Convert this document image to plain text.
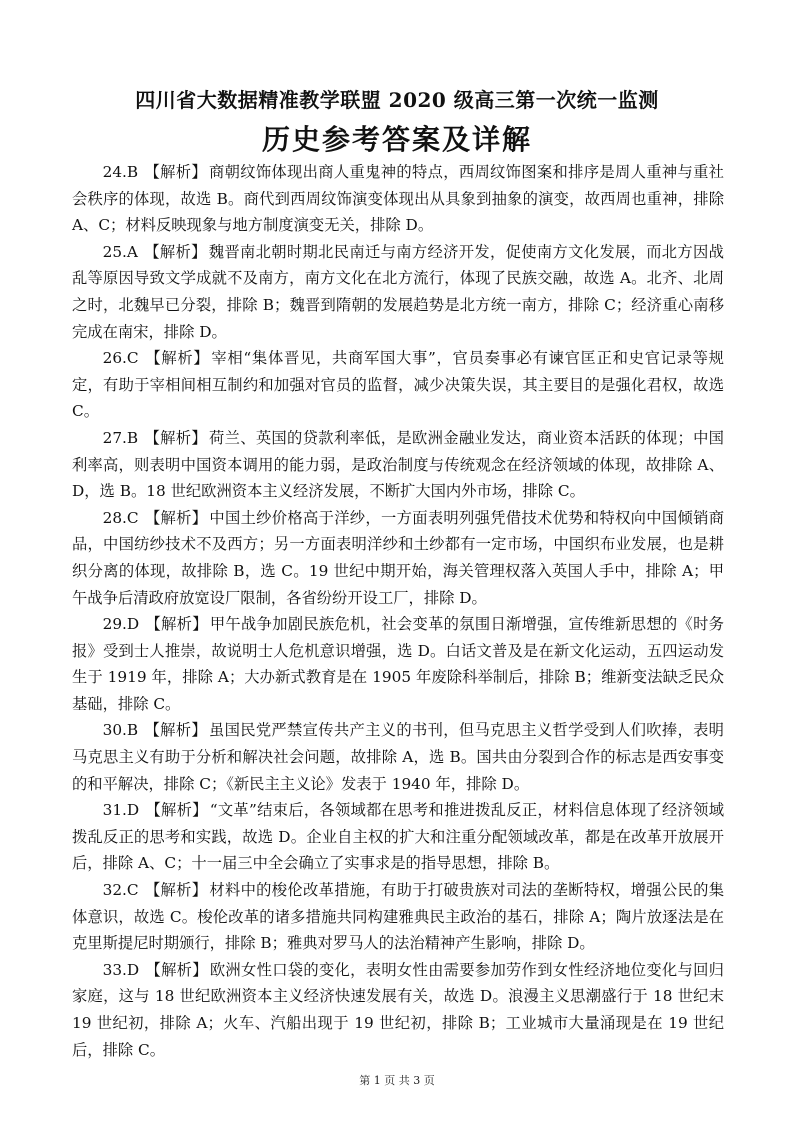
四川省大数据精准教学联盟 2020 级高三第一次统一监测
历史参考答案及详解

24.B 【解析】 商朝纹饰体现出商人重鬼神的特点，西周纹饰图案和排序是周人重神与重社会秩序的体现，故选 B。商代到西周纹饰演变体现出从具象到抽象的演变，故西周也重神，排除 A、C；材料反映现象与地方制度演变无关，排除 D。

25.A 【解析】 魏晋南北朝时期北民南迁与南方经济开发，促使南方文化发展，而北方因战乱等原因导致文学成就不及南方，南方文化在北方流行，体现了民族交融，故选 A。北齐、北周之时，北魏早已分裂，排除 B；魏晋到隋朝的发展趋势是北方统一南方，排除 C；经济重心南移完成在南宋，排除 D。

26.C 【解析】 宰相“集体晋见，共商军国大事”，官员奏事必有谏官匡正和史官记录等规定，有助于宰相间相互制约和加强对官员的监督，减少决策失误，其主要目的是强化君权，故选 C。

27.B 【解析】 荷兰、英国的贷款利率低，是欧洲金融业发达，商业资本活跃的体现；中国利率高，则表明中国资本调用的能力弱，是政治制度与传统观念在经济领域的体现，故排除 A、D，选 B。18 世纪欧洲资本主义经济发展，不断扩大国内外市场，排除 C。

28.C 【解析】 中国土纱价格高于洋纱，一方面表明列强凭借技术优势和特权向中国倾销商品，中国纺纱技术不及西方；另一方面表明洋纱和土纱都有一定市场，中国织布业发展，也是耕织分离的体现，故排除 B，选 C。19 世纪中期开始，海关管理权落入英国人手中，排除 A；甲午战争后清政府放宽设厂限制，各省纷纷开设工厂，排除 D。

29.D 【解析】 甲午战争加剧民族危机，社会变革的氛围日渐增强，宣传维新思想的《时务报》受到士人推崇，故说明士人危机意识增强，选 D。白话文普及是在新文化运动，五四运动发生于 1919 年，排除 A；大办新式教育是在 1905 年废除科举制后，排除 B；维新变法缺乏民众基础，排除 C。

30.B 【解析】 虽国民党严禁宣传共产主义的书刊，但马克思主义哲学受到人们吹捧，表明马克思主义有助于分析和解决社会问题，故排除 A，选 B。国共由分裂到合作的标志是西安事变的和平解决，排除 C；《新民主主义论》发表于 1940 年，排除 D。

31.D 【解析】 “文革”结束后，各领域都在思考和推进拨乱反正，材料信息体现了经济领域拨乱反正的思考和实践，故选 D。企业自主权的扩大和注重分配领域改革，都是在改革开放展开后，排除 A、C；十一届三中全会确立了实事求是的指导思想，排除 B。

32.C 【解析】 材料中的梭伦改革措施，有助于打破贵族对司法的垄断特权，增强公民的集体意识，故选 C。梭伦改革的诸多措施共同构建雅典民主政治的基石，排除 A；陶片放逐法是在克里斯提尼时期颁行，排除 B；雅典对罗马人的法治精神产生影响，排除 D。

33.D 【解析】 欧洲女性口袋的变化，表明女性由需要参加劳作到女性经济地位变化与回归家庭，这与 18 世纪欧洲资本主义经济快速发展有关，故选 D。浪漫主义思潮盛行于 18 世纪末 19 世纪初，排除 A；火车、汽船出现于 19 世纪初，排除 B；工业城市大量涌现是在 19 世纪后，排除 C。

第 1 页 共 3 页
